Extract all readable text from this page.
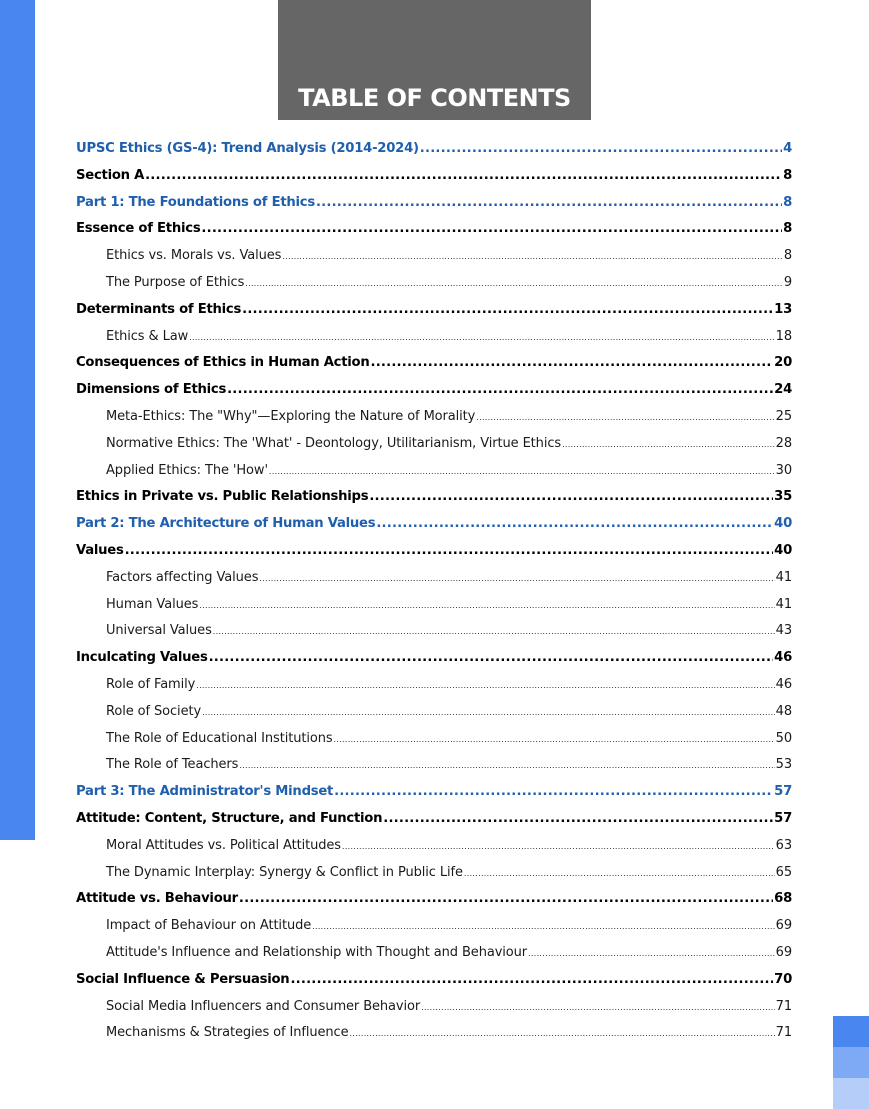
TABLE OF CONTENTS
UPSC Ethics (GS-4): Trend Analysis (2014-2024) .....	4
Section A .....	8
Part 1: The Foundations of Ethics .....	8
Essence of Ethics .....	8
Ethics vs. Morals vs. Values .....	8
The Purpose of Ethics .....	9
Determinants of Ethics .....	13
Ethics & Law .....	18
Consequences of Ethics in Human Action .....	20
Dimensions of Ethics .....	24
Meta-Ethics: The "Why"—Exploring the Nature of Morality .....	25
Normative Ethics: The 'What' - Deontology, Utilitarianism, Virtue Ethics .....	28
Applied Ethics: The 'How' .....	30
Ethics in Private vs. Public Relationships .....	35
Part 2: The Architecture of Human Values .....	40
Values .....	40
Factors affecting Values .....	41
Human Values .....	41
Universal Values .....	43
Inculcating Values .....	46
Role of Family .....	46
Role of Society .....	48
The Role of Educational Institutions .....	50
The Role of Teachers .....	53
Part 3: The Administrator's Mindset .....	57
Attitude: Content, Structure, and Function .....	57
Moral Attitudes vs. Political Attitudes .....	63
The Dynamic Interplay: Synergy & Conflict in Public Life .....	65
Attitude vs. Behaviour .....	68
Impact of Behaviour on Attitude .....	69
Attitude's Influence and Relationship with Thought and Behaviour .....	69
Social Influence & Persuasion .....	70
Social Media Influencers and Consumer Behavior .....	71
Mechanisms & Strategies of Influence .....	71
